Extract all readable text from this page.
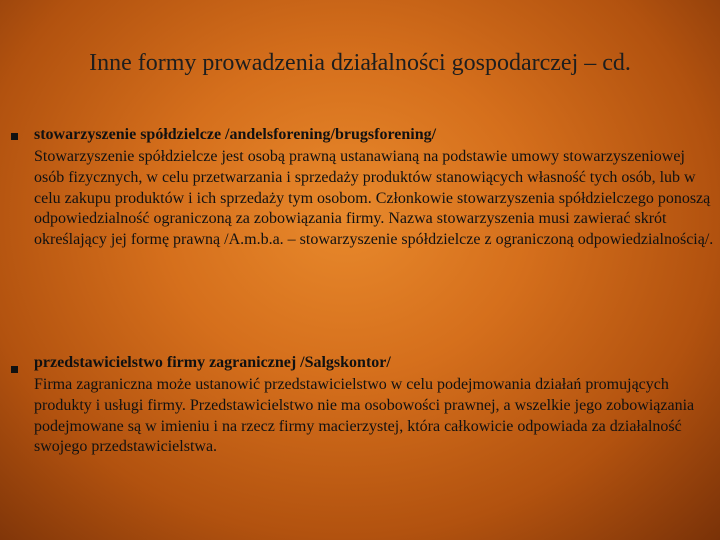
Inne formy prowadzenia działalności gospodarczej – cd.

stowarzyszenie spółdzielcze /andelsforening/brugsforening/

Stowarzyszenie spółdzielcze jest osobą prawną ustanawianą na podstawie umowy stowarzyszeniowej osób fizycznych, w celu przetwarzania i sprzedaży produktów stanowiących własność tych osób, lub w celu zakupu produktów i ich sprzedaży tym osobom. Członkowie stowarzyszenia spółdzielczego ponoszą odpowiedzialność ograniczoną za zobowiązania firmy. Nazwa stowarzyszenia musi zawierać skrót określający jej formę prawną /A.m.b.a. – stowarzyszenie spółdzielcze z ograniczoną odpowiedzialnością/.

przedstawicielstwo firmy zagranicznej /Salgskontor/

Firma zagraniczna może ustanowić przedstawicielstwo w celu podejmowania działań promujących produkty i usługi firmy. Przedstawicielstwo nie ma osobowości prawnej, a wszelkie jego zobowiązania podejmowane są w imieniu i na rzecz firmy macierzystej, która całkowicie odpowiada za działalność swojego przedstawicielstwa.
